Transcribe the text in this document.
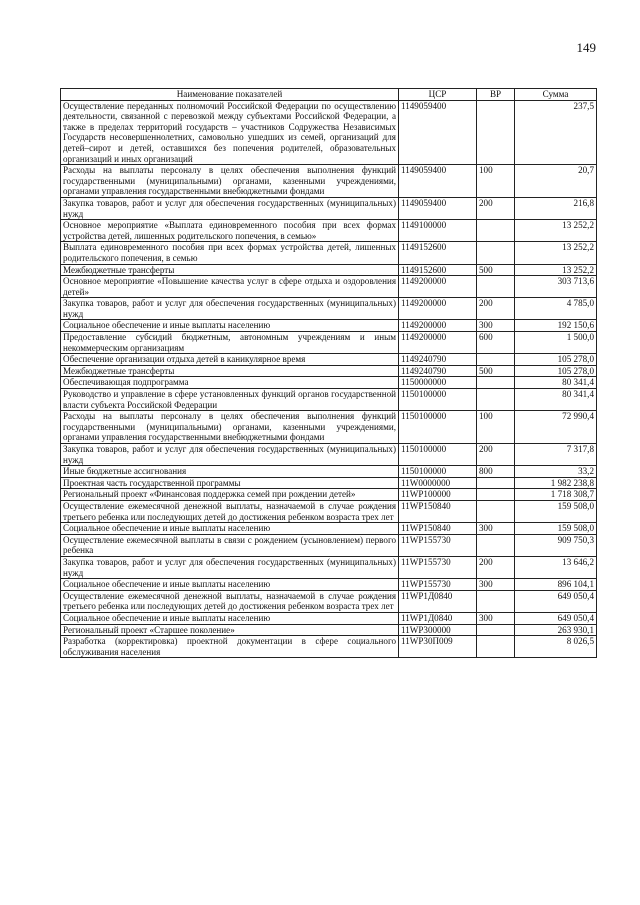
149
Наименование показателей	ЦСР	ВР	Сумма
Осуществление переданных полномочий Российской Федерации по осуществлению деятельности, связанной с перевозкой между субъектами Российской Федерации, а также в пределах территорий государств – участников Содружества Независимых Государств несовершеннолетних, самовольно ушедших из семей, организаций для детей–сирот и детей, оставшихся без попечения родителей, образовательных организаций и иных организаций	1149059400		237,5
Расходы на выплаты персоналу в целях обеспечения выполнения функций государственными (муниципальными) органами, казенными учреждениями, органами управления государственными внебюджетными фондами	1149059400	100	20,7
Закупка товаров, работ и услуг для обеспечения государственных (муниципальных) нужд	1149059400	200	216,8
Основное мероприятие «Выплата единовременного пособия при всех формах устройства детей, лишенных родительского попечения, в семью»	1149100000		13 252,2
Выплата единовременного пособия при всех формах устройства детей, лишенных родительского попечения, в семью	1149152600		13 252,2
Межбюджетные трансферты	1149152600	500	13 252,2
Основное мероприятие «Повышение качества услуг в сфере отдыха и оздоровления детей»	1149200000		303 713,6
Закупка товаров, работ и услуг для обеспечения государственных (муниципальных) нужд	1149200000	200	4 785,0
Социальное обеспечение и иные выплаты населению	1149200000	300	192 150,6
Предоставление субсидий бюджетным, автономным учреждениям и иным некоммерческим организациям	1149200000	600	1 500,0
Обеспечение организации отдыха детей в каникулярное время	1149240790		105 278,0
Межбюджетные трансферты	1149240790	500	105 278,0
Обеспечивающая подпрограмма	1150000000		80 341,4
Руководство и управление в сфере установленных функций органов государственной власти субъекта Российской Федерации	1150100000		80 341,4
Расходы на выплаты персоналу в целях обеспечения выполнения функций государственными (муниципальными) органами, казенными учреждениями, органами управления государственными внебюджетными фондами	1150100000	100	72 990,4
Закупка товаров, работ и услуг для обеспечения государственных (муниципальных) нужд	1150100000	200	7 317,8
Иные бюджетные ассигнования	1150100000	800	33,2
Проектная часть государственной программы	11W0000000		1 982 238,8
Региональный проект «Финансовая поддержка семей при рождении детей»	11WP100000		1 718 308,7
Осуществление ежемесячной денежной выплаты, назначаемой в случае рождения третьего ребенка или последующих детей до достижения ребенком возраста трех лет	11WP150840		159 508,0
Социальное обеспечение и иные выплаты населению	11WP150840	300	159 508,0
Осуществление ежемесячной выплаты в связи с рождением (усыновлением) первого ребенка	11WP155730		909 750,3
Закупка товаров, работ и услуг для обеспечения государственных (муниципальных) нужд	11WP155730	200	13 646,2
Социальное обеспечение и иные выплаты населению	11WP155730	300	896 104,1
Осуществление ежемесячной денежной выплаты, назначаемой в случае рождения третьего ребенка или последующих детей до достижения ребенком возраста трех лет	11WP1Д0840		649 050,4
Социальное обеспечение и иные выплаты населению	11WP1Д0840	300	649 050,4
Региональный проект «Старшее поколение»	11WP300000		263 930,1
Разработка (корректировка) проектной документации в сфере социального обслуживания населения	11WP30П009		8 026,5
